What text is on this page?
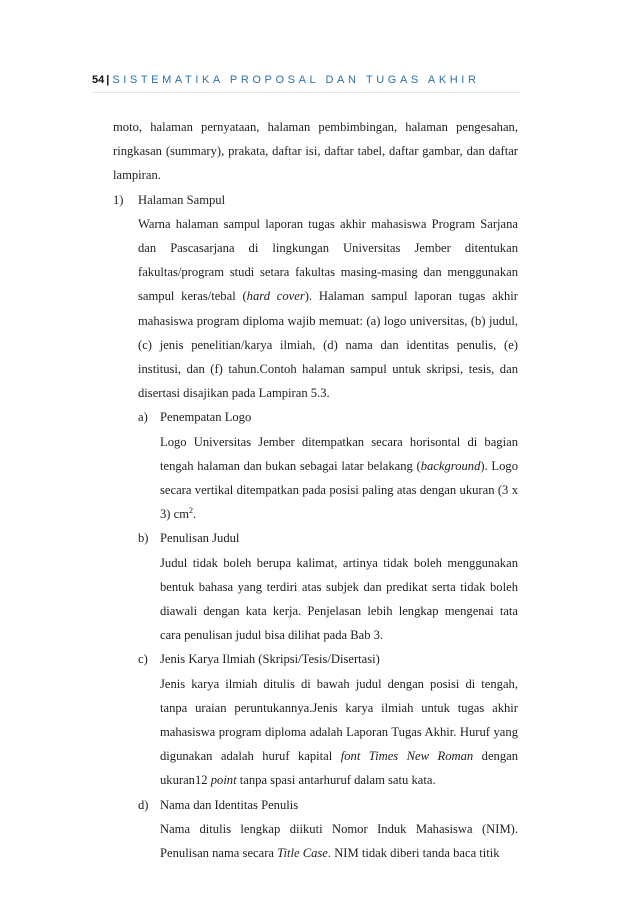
54 | SISTEMATIKA PROPOSAL DAN TUGAS AKHIR

moto, halaman pernyataan, halaman pembimbingan, halaman pengesahan, ringkasan (summary), prakata, daftar isi, daftar tabel, daftar gambar, dan daftar lampiran.

1) Halaman Sampul

Warna halaman sampul laporan tugas akhir mahasiswa Program Sarjana dan Pascasarjana di lingkungan Universitas Jember ditentukan fakultas/program studi setara fakultas masing-masing dan menggunakan sampul keras/tebal (hard cover). Halaman sampul laporan tugas akhir mahasiswa program diploma wajib memuat: (a) logo universitas, (b) judul, (c) jenis penelitian/karya ilmiah, (d) nama dan identitas penulis, (e) institusi, dan (f) tahun.Contoh halaman sampul untuk skripsi, tesis, dan disertasi disajikan pada Lampiran 5.3.

a) Penempatan Logo

Logo Universitas Jember ditempatkan secara horisontal di bagian tengah halaman dan bukan sebagai latar belakang (background). Logo secara vertikal ditempatkan pada posisi paling atas dengan ukuran (3 x 3) $cm^2$.

b) Penulisan Judul

Judul tidak boleh berupa kalimat, artinya tidak boleh menggunakan bentuk bahasa yang terdiri atas subjek dan predikat serta tidak boleh diawali dengan kata kerja. Penjelasan lebih lengkap mengenai tata cara penulisan judul bisa dilihat pada Bab 3.

c) Jenis Karya Ilmiah (Skripsi/Tesis/Disertasi)

Jenis karya ilmiah ditulis di bawah judul dengan posisi di tengah, tanpa uraian peruntukannya.Jenis karya ilmiah untuk tugas akhir mahasiswa program diploma adalah Laporan Tugas Akhir. Huruf yang digunakan adalah huruf kapital font Times New Roman dengan ukuran12 point tanpa spasi antarhuruf dalam satu kata.

d) Nama dan Identitas Penulis

Nama ditulis lengkap diikuti Nomor Induk Mahasiswa (NIM). Penulisan nama secara Title Case. NIM tidak diberi tanda baca titik
